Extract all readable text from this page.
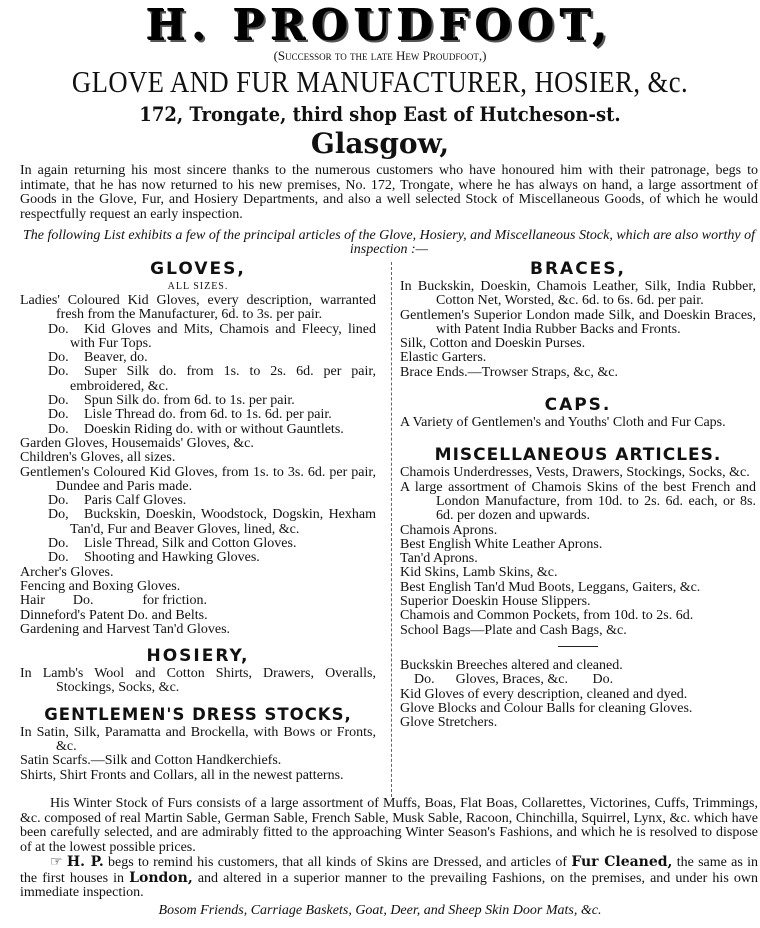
H. PROUDFOOT,
(Successor to the late Hew Proudfoot,)
GLOVE AND FUR MANUFACTURER, HOSIER, &c.
172, Trongate, third shop East of Hutcheson-st.
Glasgow,
In again returning his most sincere thanks to the numerous customers who have honoured him with their patronage, begs to intimate, that he has now returned to his new premises, No. 172, Trongate, where he has always on hand, a large assortment of Goods in the Glove, Fur, and Hosiery Departments, and also a well selected Stock of Miscellaneous Goods, of which he would respectfully request an early inspection.
The following List exhibits a few of the principal articles of the Glove, Hosiery, and Miscellaneous Stock, which are also worthy of inspection :—
GLOVES,
ALL SIZES.
Ladies' Coloured Kid Gloves, every description, warranted fresh from the Manufacturer, 6d. to 3s. per pair.
Do. Kid Gloves and Mits, Chamois and Fleecy, lined with Fur Tops.
Do. Beaver, do.
Do. Super Silk do. from 1s. to 2s. 6d. per pair, embroidered, &c.
Do. Spun Silk do. from 6d. to 1s. per pair.
Do. Lisle Thread do. from 6d. to 1s. 6d. per pair.
Do. Doeskin Riding do. with or without Gauntlets.
Garden Gloves, Housemaids' Gloves, &c.
Children's Gloves, all sizes.
Gentlemen's Coloured Kid Gloves, from 1s. to 3s. 6d. per pair, Dundee and Paris made.
Do. Paris Calf Gloves.
Do, Buckskin, Doeskin, Woodstock, Dogskin, Hexham Tan'd, Fur and Beaver Gloves, lined, &c.
Do. Lisle Thread, Silk and Cotton Gloves.
Do. Shooting and Hawking Gloves.
Archer's Gloves.
Fencing and Boxing Gloves.
Hair        Do.              for friction.
Dinneford's Patent Do. and Belts.
Gardening and Harvest Tan'd Gloves.
HOSIERY,
In Lamb's Wool and Cotton Shirts, Drawers, Overalls, Stockings, Socks, &c.
GENTLEMEN'S DRESS STOCKS,
In Satin, Silk, Paramatta and Brockella, with Bows or Fronts, &c.
Satin Scarfs.—Silk and Cotton Handkerchiefs.
Shirts, Shirt Fronts and Collars, all in the newest patterns.
BRACES,
In Buckskin, Doeskin, Chamois Leather, Silk, India Rubber, Cotton Net, Worsted, &c. 6d. to 6s. 6d. per pair.
Gentlemen's Superior London made Silk, and Doeskin Braces, with Patent India Rubber Backs and Fronts.
Silk, Cotton and Doeskin Purses.
Elastic Garters.
Brace Ends.—Trowser Straps, &c, &c.
CAPS.
A Variety of Gentlemen's and Youths' Cloth and Fur Caps.
MISCELLANEOUS ARTICLES.
Chamois Underdresses, Vests, Drawers, Stockings, Socks, &c.
A large assortment of Chamois Skins of the best French and London Manufacture, from 10d. to 2s. 6d. each, or 8s. 6d. per dozen and upwards.
Chamois Aprons.
Best English White Leather Aprons.
Tan'd Aprons.
Kid Skins, Lamb Skins, &c.
Best English Tan'd Mud Boots, Leggans, Gaiters, &c.
Superior Doeskin House Slippers.
Chamois and Common Pockets, from 10d. to 2s. 6d.
School Bags—Plate and Cash Bags, &c.
Buckskin Breeches altered and cleaned.
Do.      Gloves, Braces, &c.       Do.
Kid Gloves of every description, cleaned and dyed.
Glove Blocks and Colour Balls for cleaning Gloves.
Glove Stretchers.

His Winter Stock of Furs consists of a large assortment of Muffs, Boas, Flat Boas, Collarettes, Victorines, Cuffs, Trimmings, &c. composed of real Martin Sable, German Sable, French Sable, Musk Sable, Racoon, Chinchilla, Squirrel, Lynx, &c. which have been carefully selected, and are admirably fitted to the approaching Winter Season's Fashions, and which he is resolved to dispose of at the lowest possible prices.

☞ H. P. begs to remind his customers, that all kinds of Skins are Dressed, and articles of Fur Cleaned, the same as in the first houses in London, and altered in a superior manner to the prevailing Fashions, on the premises, and under his own immediate inspection.

Bosom Friends, Carriage Baskets, Goat, Deer, and Sheep Skin Door Mats, &c.
